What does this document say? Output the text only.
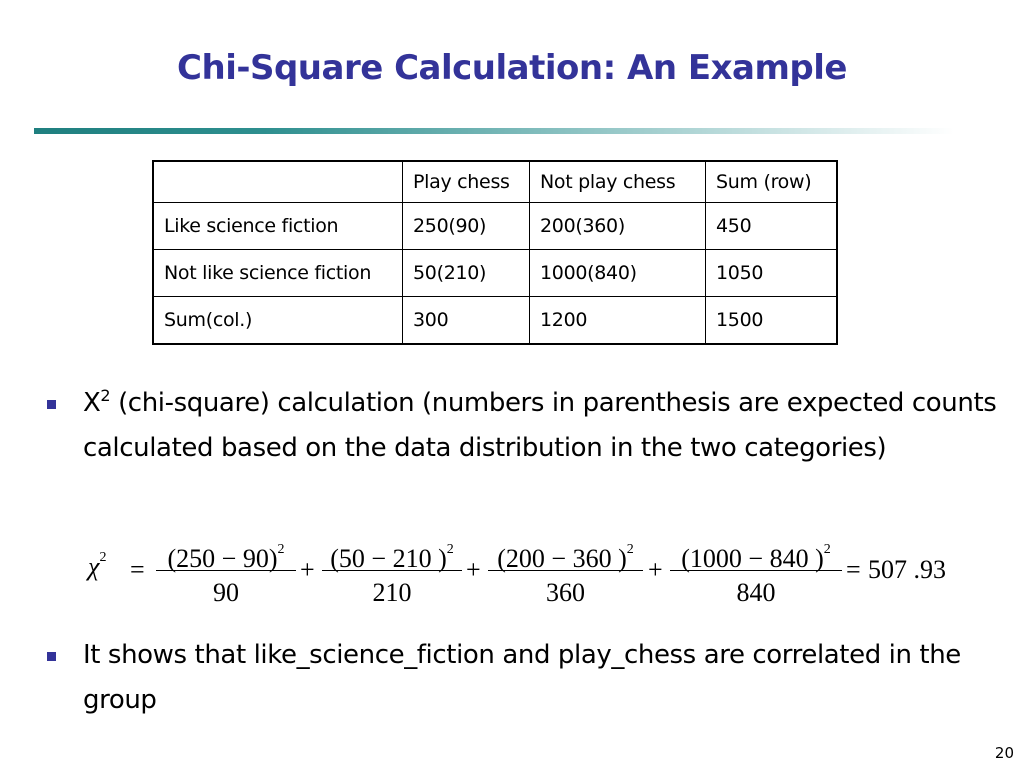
Chi-Square Calculation: An Example
	Play chess	Not play chess	Sum (row)
Like science fiction	250(90)	200(360)	450
Not like science fiction	50(210)	1000(840)	1050
Sum(col.)	300	1200	1500
$X^2$ (chi-square) calculation (numbers in parenthesis are expected counts calculated based on the data distribution in the two categories)
$\chi^2 = (250 - 90)^2$
90
+ (50 − 210 )$^2$
210
+ (200 − 360 )$^2$
360
+ (1000 − 840 )$^2$
840
= 507 .93
It shows that like_science_fiction and play_chess are correlated in the group
20
